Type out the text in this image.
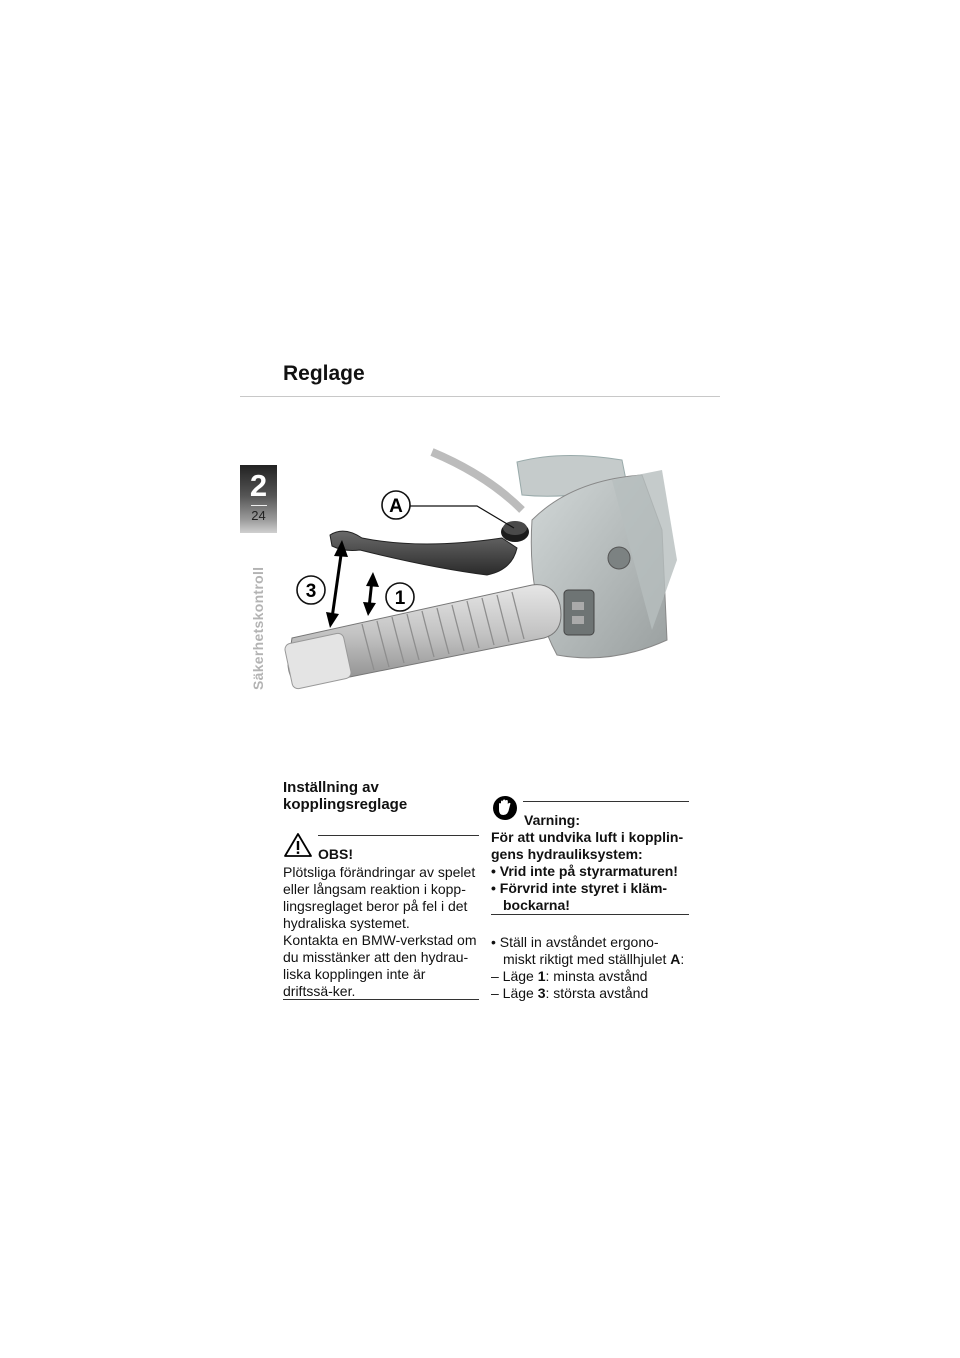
Reglage
2
24
Säkerhetskontroll
A
3	1
Inställning av kopplingsreglage
OBS!

Plötsliga förändringar av spelet eller långsam reaktion i kopp-lingsreglaget beror på fel i det hydraliska systemet.

Kontakta en BMW-verkstad om du misstänker att den hydrau-liska kopplingen inte är driftssä-ker.

Varning:

För att undvika luft i kopplin-gens hydrauliksystem:

• Vrid inte på styrarmaturen!

• Förvrid inte styret i kläm-bockarna!

• Ställ in avståndet ergono-miskt riktigt med ställhjulet A:

– Läge 1: minsta avstånd

– Läge 3: största avstånd
